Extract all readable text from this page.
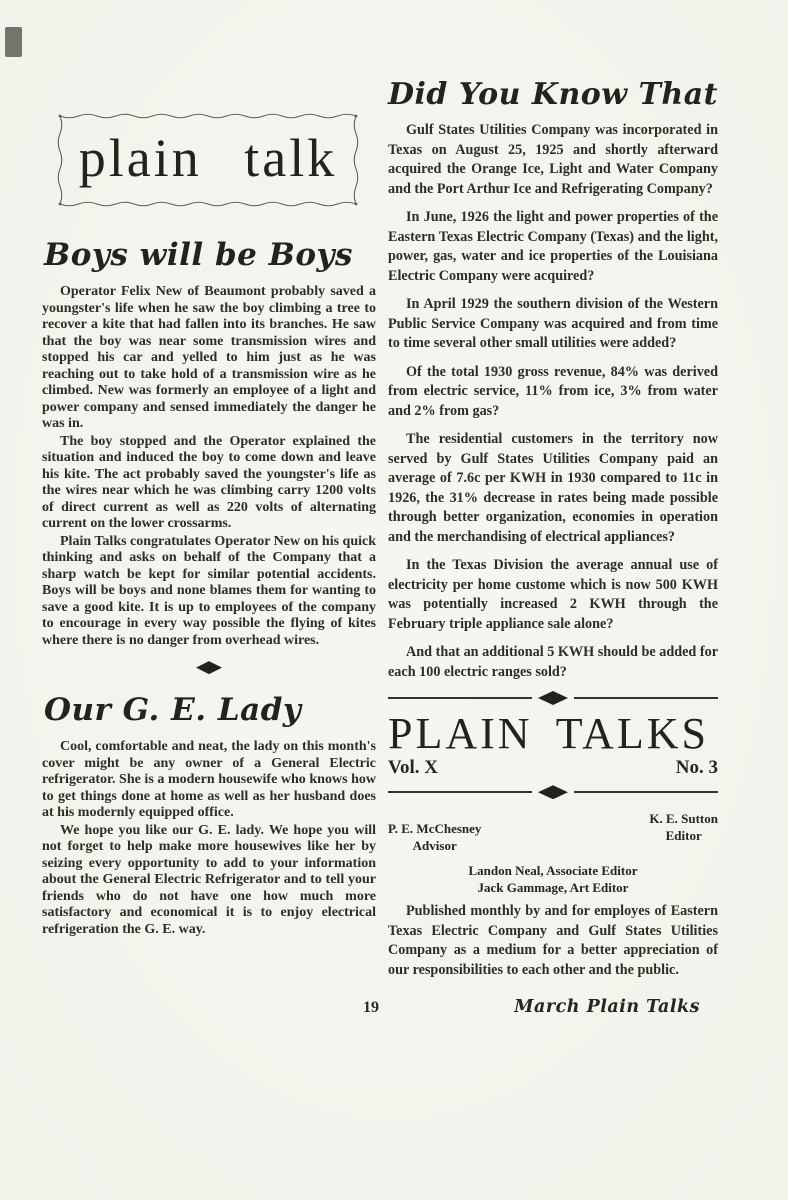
plain talk
Boys will be Boys

Operator Felix New of Beaumont probably saved a youngster's life when he saw the boy climbing a tree to recover a kite that had fallen into its branches. He saw that the boy was near some transmission wires and stopped his car and yelled to him just as he was reaching out to take hold of a transmission wire as he climbed. New was formerly an employee of a light and power company and sensed immediately the danger he was in.

The boy stopped and the Operator explained the situation and induced the boy to come down and leave his kite. The act probably saved the youngster's life as the wires near which he was climbing carry 1200 volts of direct current as well as 220 volts of alternating current on the lower crossarms.

Plain Talks congratulates Operator New on his quick thinking and asks on behalf of the Company that a sharp watch be kept for similar potential accidents. Boys will be boys and none blames them for wanting to save a good kite. It is up to employees of the company to encourage in every way possible the flying of kites where there is no danger from overhead wires.

Our G. E. Lady

Cool, comfortable and neat, the lady on this month's cover might be any owner of a General Electric refrigerator. She is a modern housewife who knows how to get things done at home as well as her husband does at his modernly equipped office.

We hope you like our G. E. lady. We hope you will not forget to help make more housewives like her by seizing every opportunity to add to your information about the General Electric Refrigerator and to tell your friends who do not have one how much more satisfactory and economical it is to enjoy electrical refrigeration the G. E. way.

Did You Know That

Gulf States Utilities Company was incorporated in Texas on August 25, 1925 and shortly afterward acquired the Orange Ice, Light and Water Company and the Port Arthur Ice and Refrigerating Company?

In June, 1926 the light and power properties of the Eastern Texas Electric Company (Texas) and the light, power, gas, water and ice properties of the Louisiana Electric Company were acquired?

In April 1929 the southern division of the Western Public Service Company was acquired and from time to time several other small utilities were added?

Of the total 1930 gross revenue, 84% was derived from electric service, 11% from ice, 3% from water and 2% from gas?

The residential customers in the territory now served by Gulf States Utilities Company paid an average of 7.6c per KWH in 1930 compared to 11c in 1926, the 31% decrease in rates being made possible through better organization, economies in operation and the merchandising of electrical appliances?

In the Texas Division the average annual use of electricity per home custome which is now 500 KWH was potentially increased 2 KWH through the February triple appliance sale alone?

And that an additional 5 KWH should be added for each 100 electric ranges sold?

PLAIN TALKS
Vol. X	No. 3
P. E. McChesney
Advisor
K. E. Sutton
Editor
Landon Neal, Associate Editor
Jack Gammage, Art Editor

Published monthly by and for employes of Eastern Texas Electric Company and Gulf States Utilities Company as a medium for a better appreciation of our responsibilities to each other and the public.

19	March Plain Talks
